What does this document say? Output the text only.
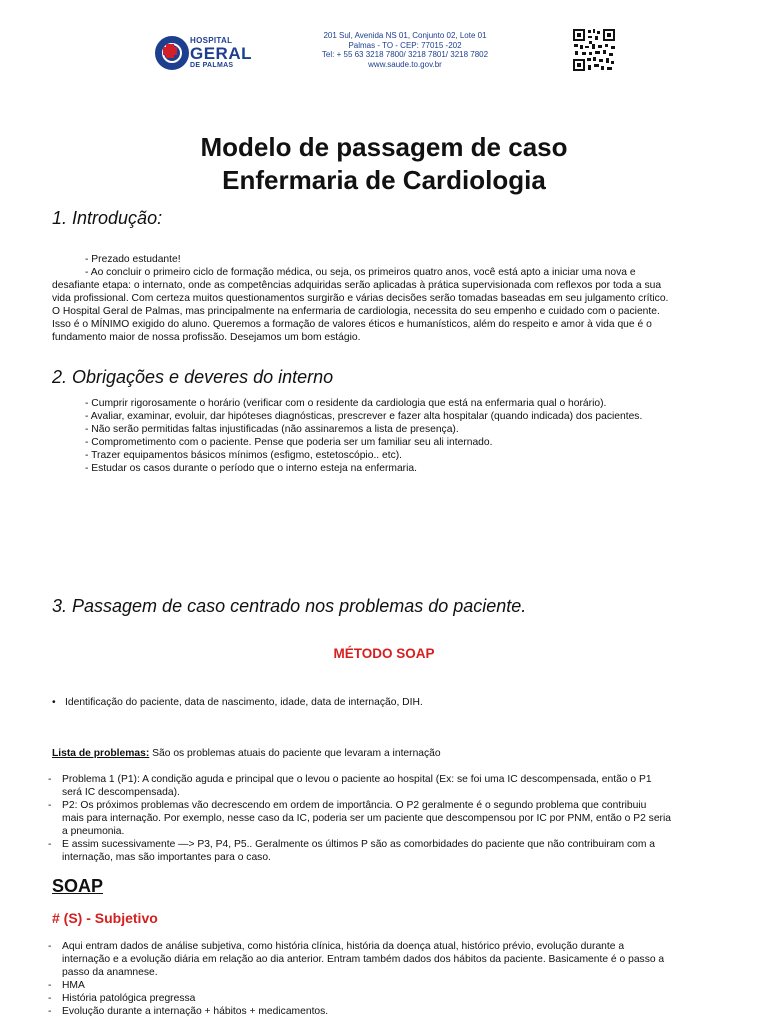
HOSPITAL
GERAL
DE PALMAS
201 Sul, Avenida NS 01, Conjunto 02, Lote 01
Palmas - TO - CEP: 77015 -202
Tel: + 55 63 3218 7800/ 3218 7801/ 3218 7802
www.saude.to.gov.br
Modelo de passagem de caso
Enfermaria de Cardiologia
1. Introdução:

- Prezado estudante!

- Ao concluir o primeiro ciclo de formação médica, ou seja, os primeiros quatro anos, você está apto a iniciar uma nova e

desafiante etapa: o internato, onde as competências adquiridas serão aplicadas à prática supervisionada com reflexos por toda a sua

vida profissional. Com certeza muitos questionamentos surgirão e várias decisões serão tomadas baseadas em seu julgamento crítico.

O Hospital Geral de Palmas, mas principalmente na enfermaria de cardiologia, necessita do seu empenho e cuidado com o paciente.

Isso é o MÍNIMO exigido do aluno. Queremos a formação de valores éticos e humanísticos, além do respeito e amor à vida que é o

fundamento maior de nossa profissão. Desejamos um bom estágio.

2. Obrigações e deveres do interno

- Cumprir rigorosamente o horário (verificar com o residente da cardiologia que está na enfermaria qual o horário).

- Avaliar, examinar, evoluir, dar hipóteses diagnósticas, prescrever e fazer alta hospitalar (quando indicada) dos pacientes.

- Não serão permitidas faltas injustificadas (não assinaremos a lista de presença).

- Comprometimento com o paciente. Pense que poderia ser um familiar seu ali internado.

- Trazer equipamentos básicos mínimos (esfigmo, estetoscópio.. etc).

- Estudar os casos durante o período que o interno esteja na enfermaria.

3. Passagem de caso centrado nos problemas do paciente.
MÉTODO SOAP
• Identificação do paciente, data de nascimento, idade, data de internação, DIH.

Lista de problemas: São os problemas atuais do paciente que levaram a internação

- Problema 1 (P1): A condição aguda e principal que o levou o paciente ao hospital (Ex: se foi uma IC descompensada, então o P1

será IC descompensada).

- P2: Os próximos problemas vão decrescendo em ordem de importância. O P2 geralmente é o segundo problema que contribuiu

mais para internação. Por exemplo, nesse caso da IC, poderia ser um paciente que descompensou por IC por PNM, então o P2 seria

a pneumonia.

- E assim sucessivamente —> P3, P4, P5.. Geralmente os últimos P são as comorbidades do paciente que não contribuiram com a

internação, mas são importantes para o caso.

SOAP
# (S) - Subjetivo
- Aqui entram dados de análise subjetiva, como história clínica, história da doença atual, histórico prévio, evolução durante a

internação e a evolução diária em relação ao dia anterior. Entram também dados dos hábitos da paciente. Basicamente é o passo a

passo da anamnese.

- HMA

- História patológica pregressa

- Evolução durante a internação + hábitos + medicamentos.
